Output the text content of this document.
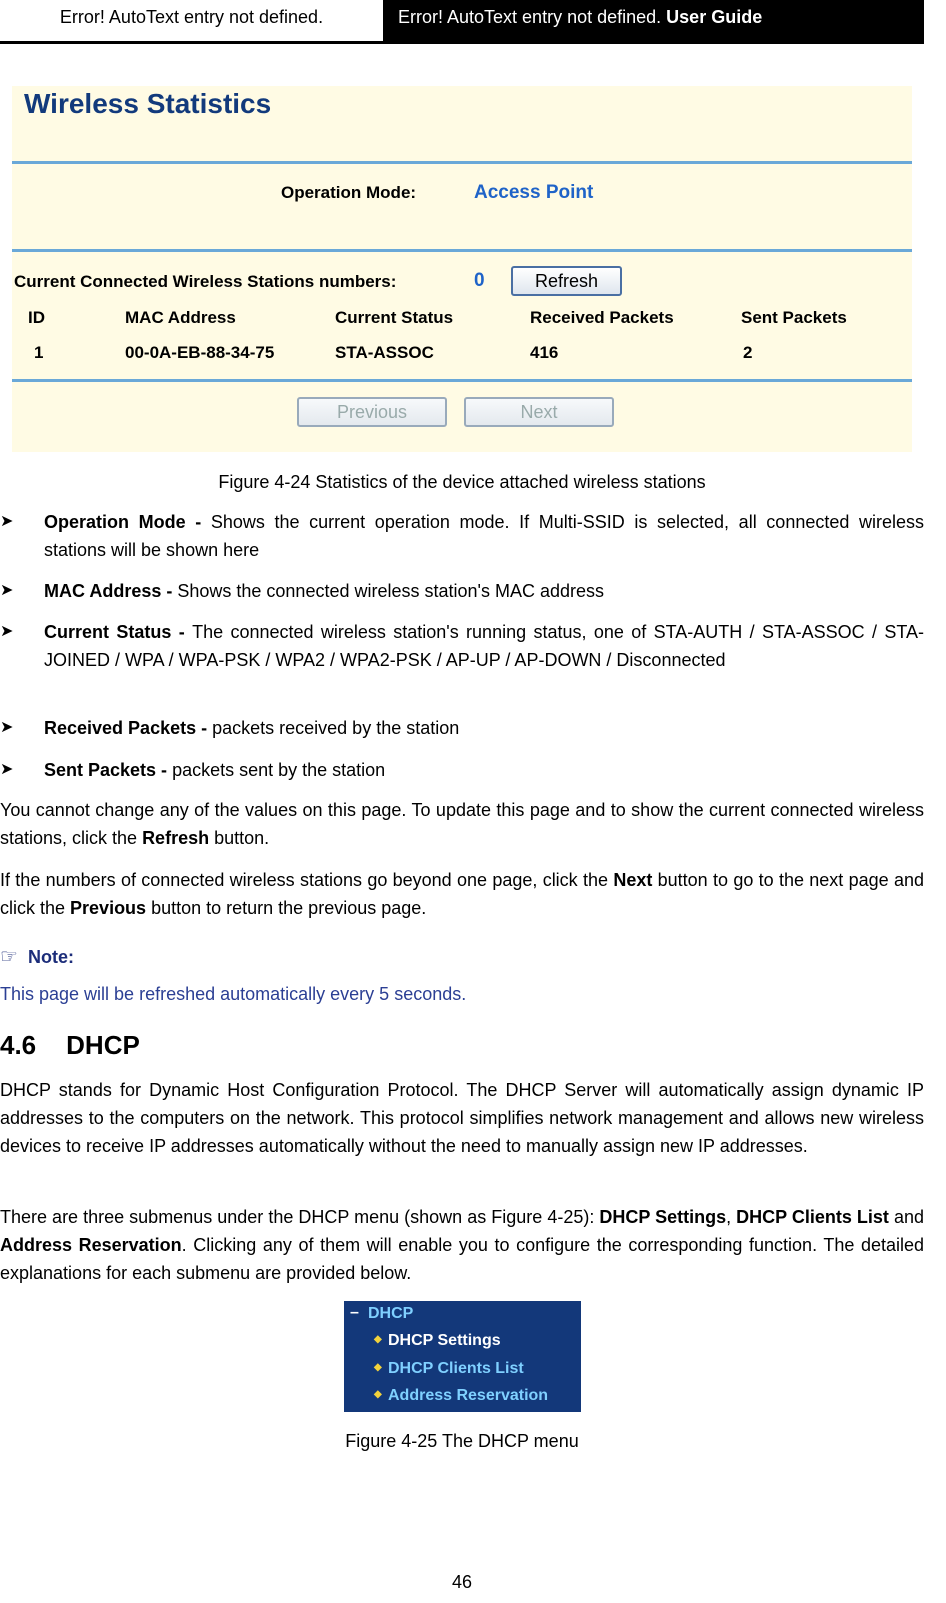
Error! AutoText entry not defined.	Error! AutoText entry not defined. User Guide
Wireless Statistics
Operation Mode:	Access Point
Current Connected Wireless Stations numbers:	0	Refresh
ID	MAC Address	Current Status	Received Packets	Sent Packets
1	00-0A-EB-88-34-75	STA-ASSOC	416	2
Previous	Next
Figure 4-24 Statistics of the device attached wireless stations
➤ Operation Mode - Shows the current operation mode. If Multi-SSID is selected, all connected wireless stations will be shown here
➤ MAC Address - Shows the connected wireless station's MAC address
➤ Current Status - The connected wireless station's running status, one of STA-AUTH / STA-ASSOC / STA-JOINED / WPA / WPA-PSK / WPA2 / WPA2-PSK / AP-UP / AP-DOWN / Disconnected
➤ Received Packets - packets received by the station
➤ Sent Packets - packets sent by the station
You cannot change any of the values on this page. To update this page and to show the current connected wireless stations, click the Refresh button.
If the numbers of connected wireless stations go beyond one page, click the Next button to go to the next page and click the Previous button to return the previous page.
☞ Note:
This page will be refreshed automatically every 5 seconds.
4.6 DHCP
DHCP stands for Dynamic Host Configuration Protocol. The DHCP Server will automatically assign dynamic IP addresses to the computers on the network. This protocol simplifies network management and allows new wireless devices to receive IP addresses automatically without the need to manually assign new IP addresses.
There are three submenus under the DHCP menu (shown as Figure 4-25): DHCP Settings, DHCP Clients List and Address Reservation. Clicking any of them will enable you to configure the corresponding function. The detailed explanations for each submenu are provided below.
– DHCP
◆ DHCP Settings
◆ DHCP Clients List
◆ Address Reservation
Figure 4-25 The DHCP menu
46
